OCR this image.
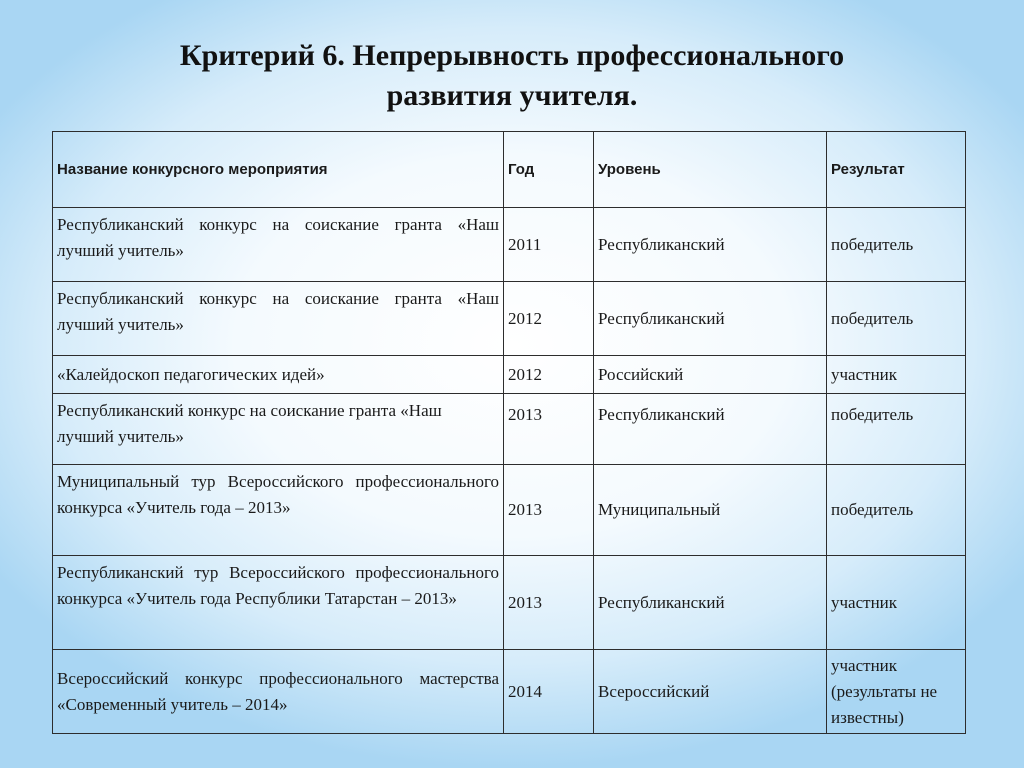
Критерий 6. Непрерывность профессионального
развития учителя.
Название конкурсного мероприятия	Год	Уровень	Результат
Республиканский конкурс на соискание гранта «Наш лучший учитель»	2011	Республиканский	победитель
Республиканский конкурс на соискание гранта «Наш лучший учитель»	2012	Республиканский	победитель
«Калейдоскоп педагогических идей»	2012	Российский	участник
Республиканский конкурс на соискание гранта «Наш лучший учитель»	2013	Республиканский	победитель
Муниципальный тур Всероссийского профессионального конкурса «Учитель года – 2013»	2013	Муниципальный	победитель
Республиканский тур Всероссийского профессионального конкурса «Учитель года Республики Татарстан – 2013»	2013	Республиканский	участник
Всероссийский конкурс профессионального мастерства «Современный учитель – 2014»	2014	Всероссийский	участник (результаты не известны)
